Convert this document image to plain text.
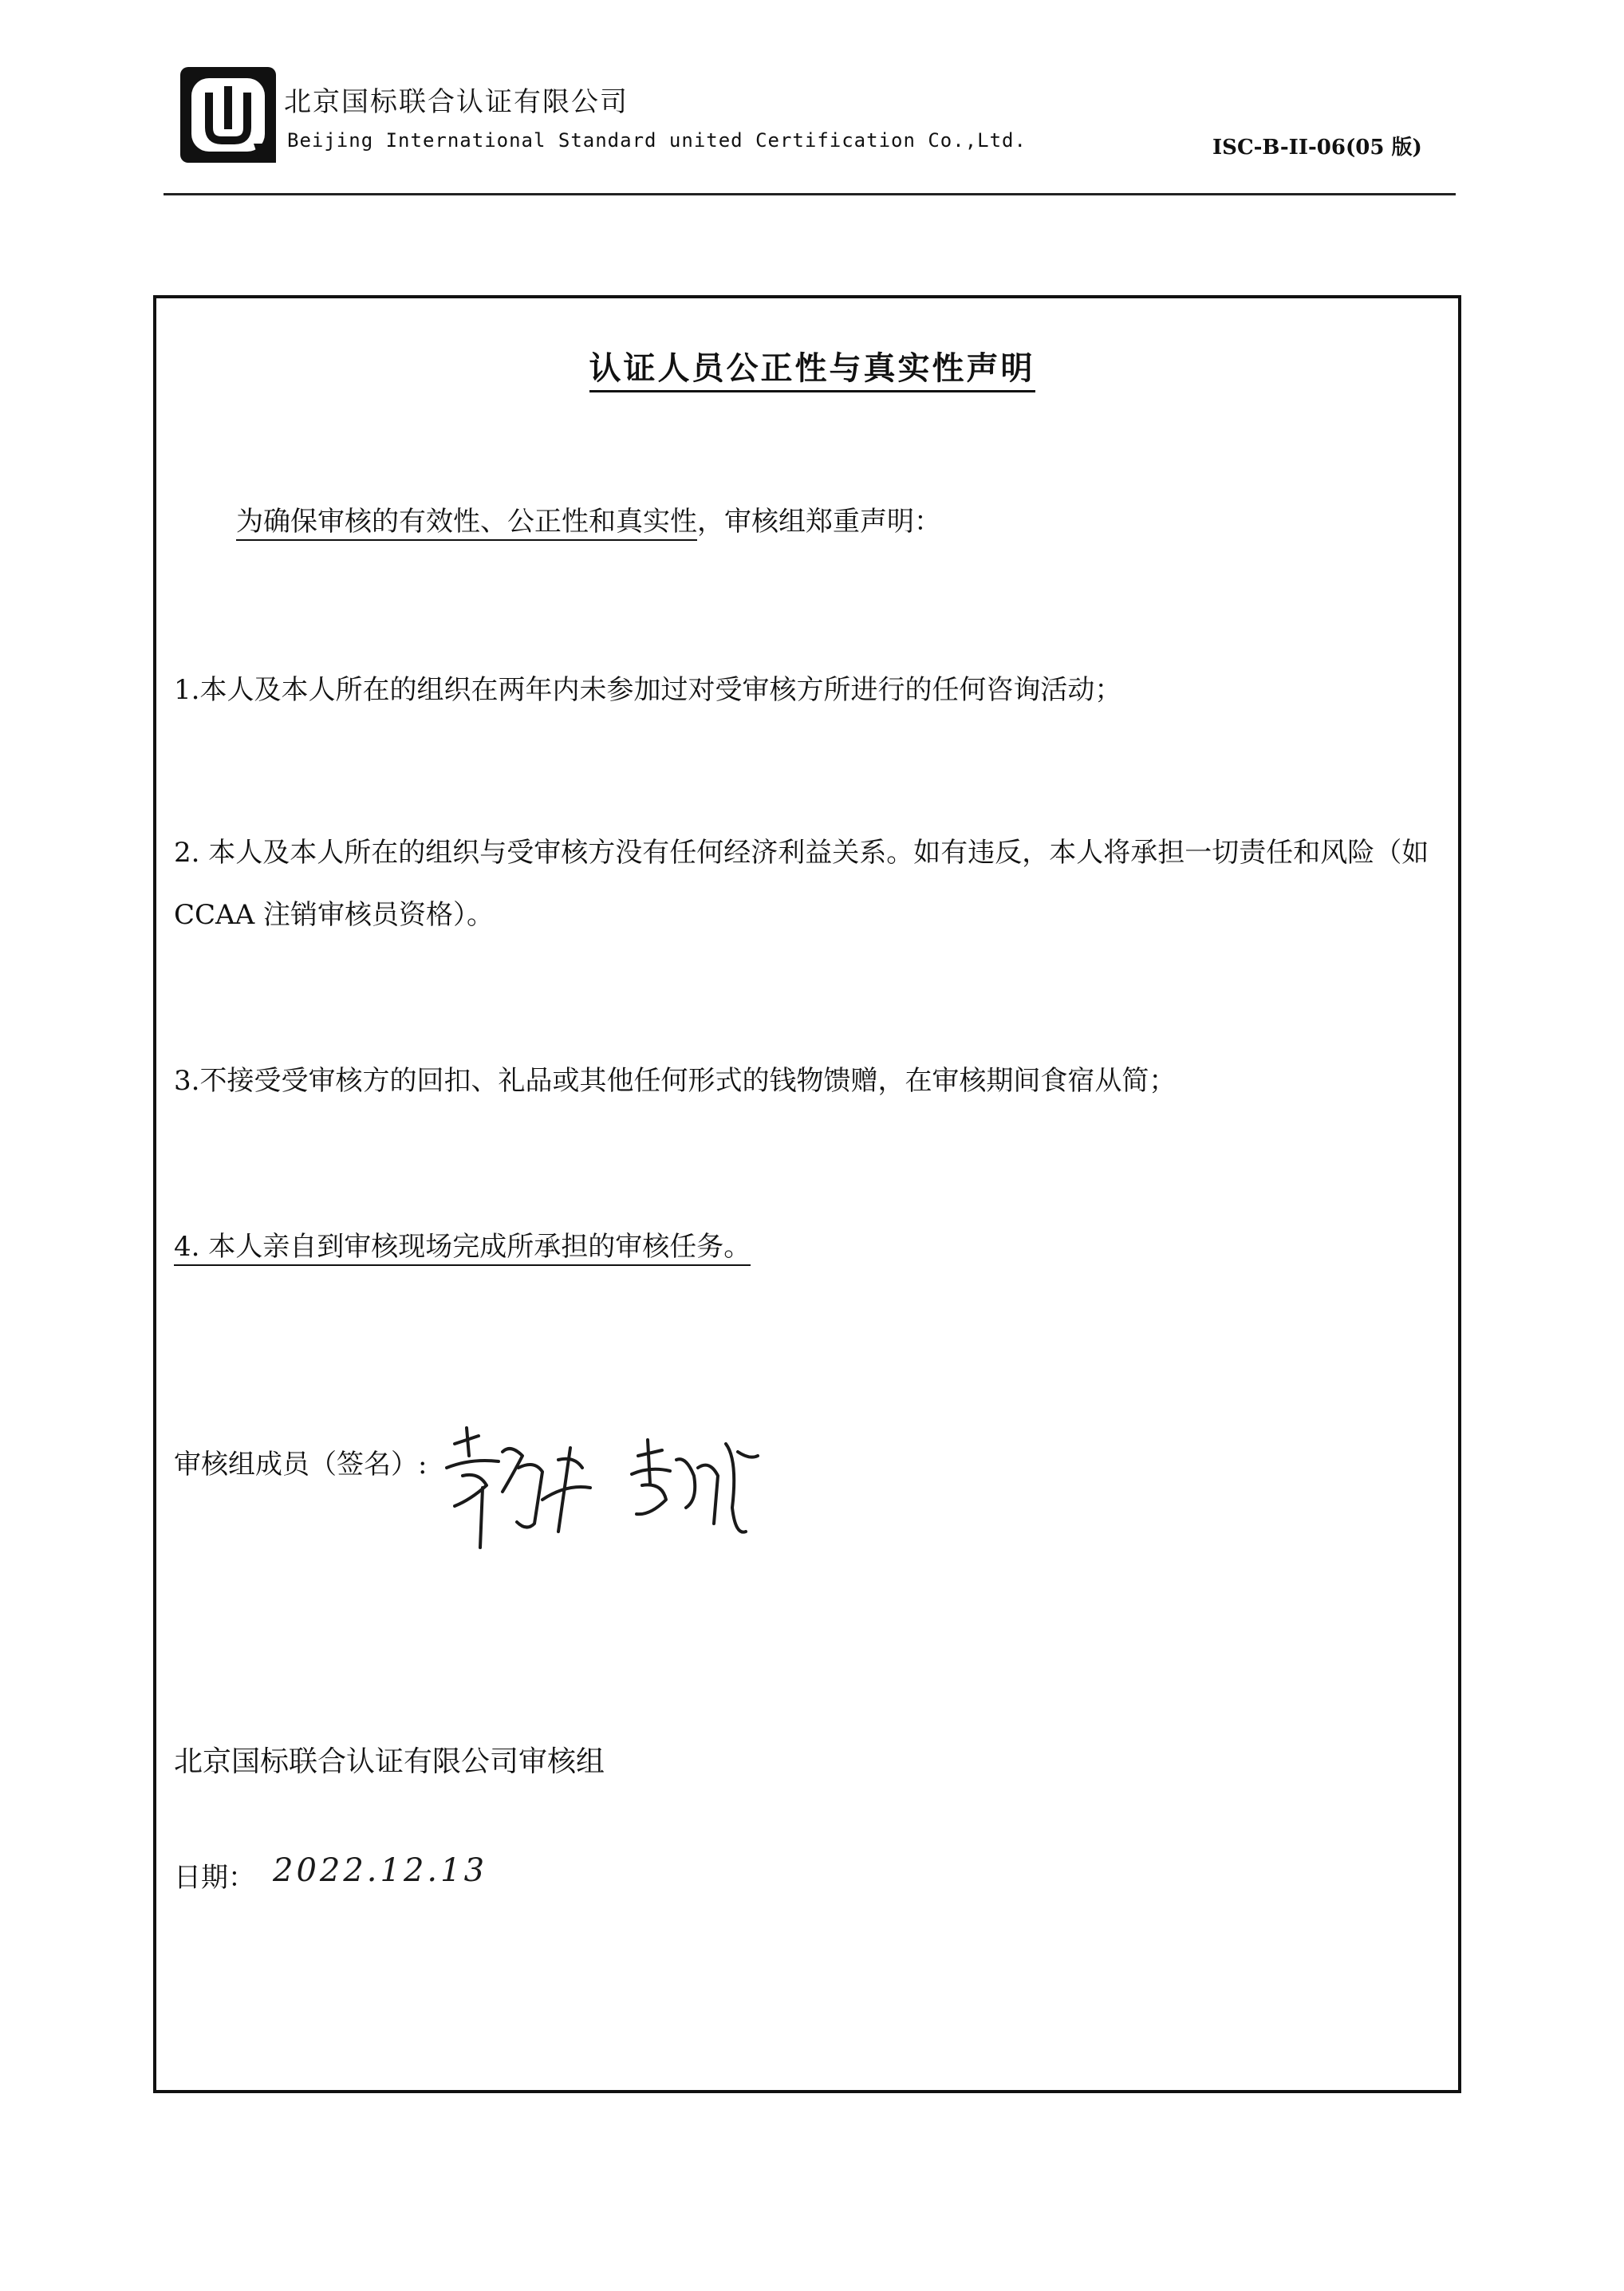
北京国标联合认证有限公司
Beijing International Standard united Certification Co.,Ltd.	ISC-B-II-06(05 版)
认证人员公正性与真实性声明
为确保审核的有效性、公正性和真实性，审核组郑重声明：
1.本人及本人所在的组织在两年内未参加过对受审核方所进行的任何咨询活动；
2. 本人及本人所在的组织与受审核方没有任何经济利益关系。如有违反，本人将承担一切责任和风险（如 CCAA 注销审核员资格）。
3.不接受受审核方的回扣、礼品或其他任何形式的钱物馈赠，在审核期间食宿从简；
4. 本人亲自到审核现场完成所承担的审核任务。
审核组成员（签名）:
北京国标联合认证有限公司审核组
日期： 2022.12.13
